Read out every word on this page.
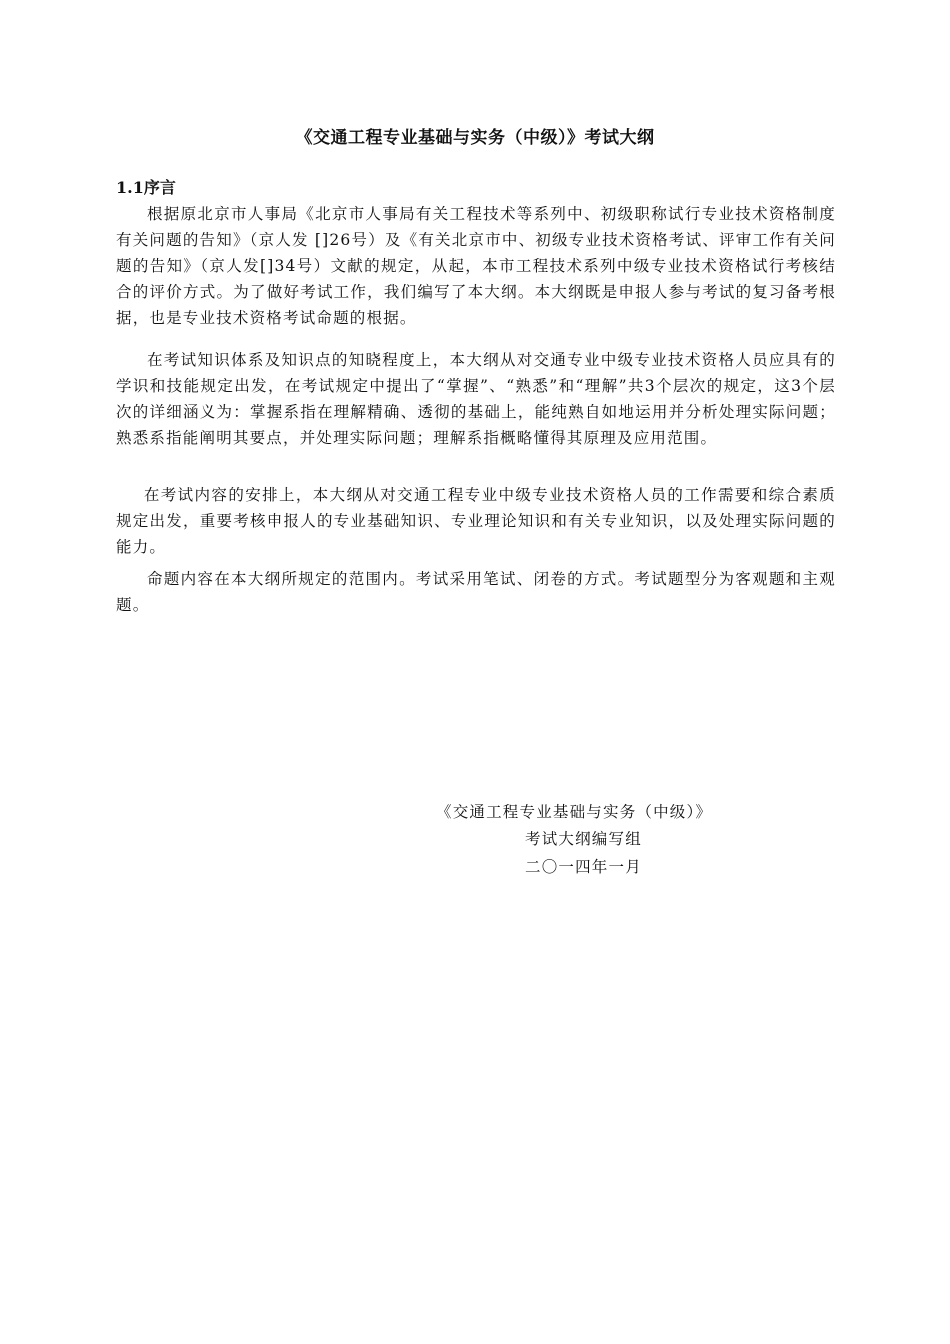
《交通工程专业基础与实务（中级）》考试大纲
1.1序言

根据原北京市人事局《北京市人事局有关工程技术等系列中、初级职称试行专业技术资格制度有关问题的告知》（京人发 []26号）及《有关北京市中、初级专业技术资格考试、评审工作有关问题的告知》（京人发[]34号）文献的规定，从起，本市工程技术系列中级专业技术资格试行考核结合的评价方式。为了做好考试工作，我们编写了本大纲。本大纲既是申报人参与考试的复习备考根据，也是专业技术资格考试命题的根据。

在考试知识体系及知识点的知晓程度上，本大纲从对交通专业中级专业技术资格人员应具有的学识和技能规定出发，在考试规定中提出了“掌握”、“熟悉”和“理解”共3个层次的规定，这3个层次的详细涵义为：掌握系指在理解精确、透彻的基础上，能纯熟自如地运用并分析处理实际问题；熟悉系指能阐明其要点，并处理实际问题；理解系指概略懂得其原理及应用范围。

在考试内容的安排上，本大纲从对交通工程专业中级专业技术资格人员的工作需要和综合素质规定出发，重要考核申报人的专业基础知识、专业理论知识和有关专业知识，以及处理实际问题的能力。

命题内容在本大纲所规定的范围内。考试采用笔试、闭卷的方式。考试题型分为客观题和主观题。

《交通工程专业基础与实务（中级）》
考试大纲编写组
二〇一四年一月
